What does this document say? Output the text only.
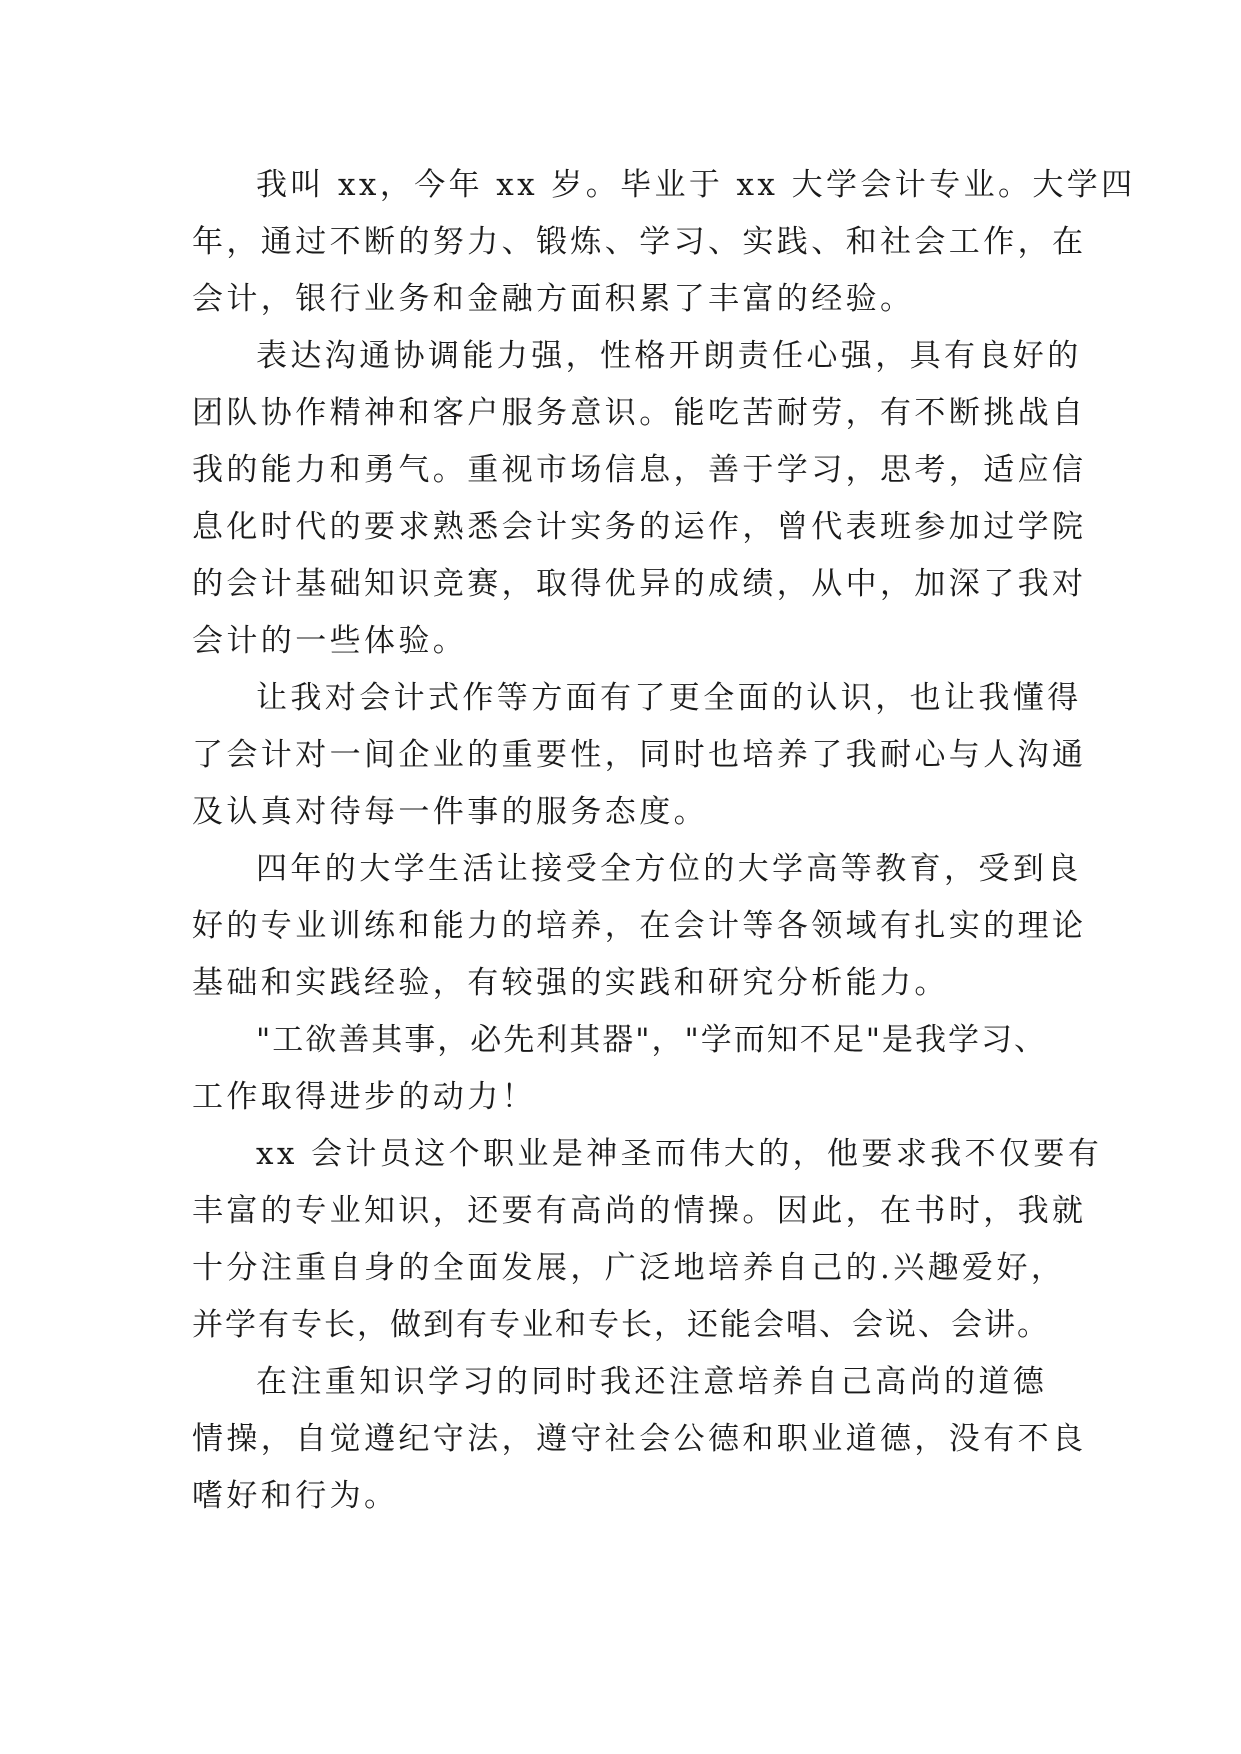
我叫 xx，今年 xx 岁。毕业于 xx 大学会计专业。大学四
年，通过不断的努力、锻炼、学习、实践、和社会工作，在
会计，银行业务和金融方面积累了丰富的经验。
表达沟通协调能力强，性格开朗责任心强，具有良好的
团队协作精神和客户服务意识。能吃苦耐劳，有不断挑战自
我的能力和勇气。重视市场信息，善于学习，思考，适应信
息化时代的要求熟悉会计实务的运作，曾代表班参加过学院
的会计基础知识竞赛，取得优异的成绩，从中，加深了我对
会计的一些体验。
让我对会计式作等方面有了更全面的认识，也让我懂得
了会计对一间企业的重要性，同时也培养了我耐心与人沟通
及认真对待每一件事的服务态度。
四年的大学生活让接受全方位的大学高等教育，受到良
好的专业训练和能力的培养，在会计等各领域有扎实的理论
基础和实践经验，有较强的实践和研究分析能力。
"工欲善其事，必先利其器"，"学而知不足"是我学习、
工作取得进步的动力！
xx 会计员这个职业是神圣而伟大的，他要求我不仅要有
丰富的专业知识，还要有高尚的情操。因此，在书时，我就
十分注重自身的全面发展，广泛地培养自己的.兴趣爱好，
并学有专长，做到有专业和专长，还能会唱、会说、会讲。
在注重知识学习的同时我还注意培养自己高尚的道德
情操，自觉遵纪守法，遵守社会公德和职业道德，没有不良
嗜好和行为。
